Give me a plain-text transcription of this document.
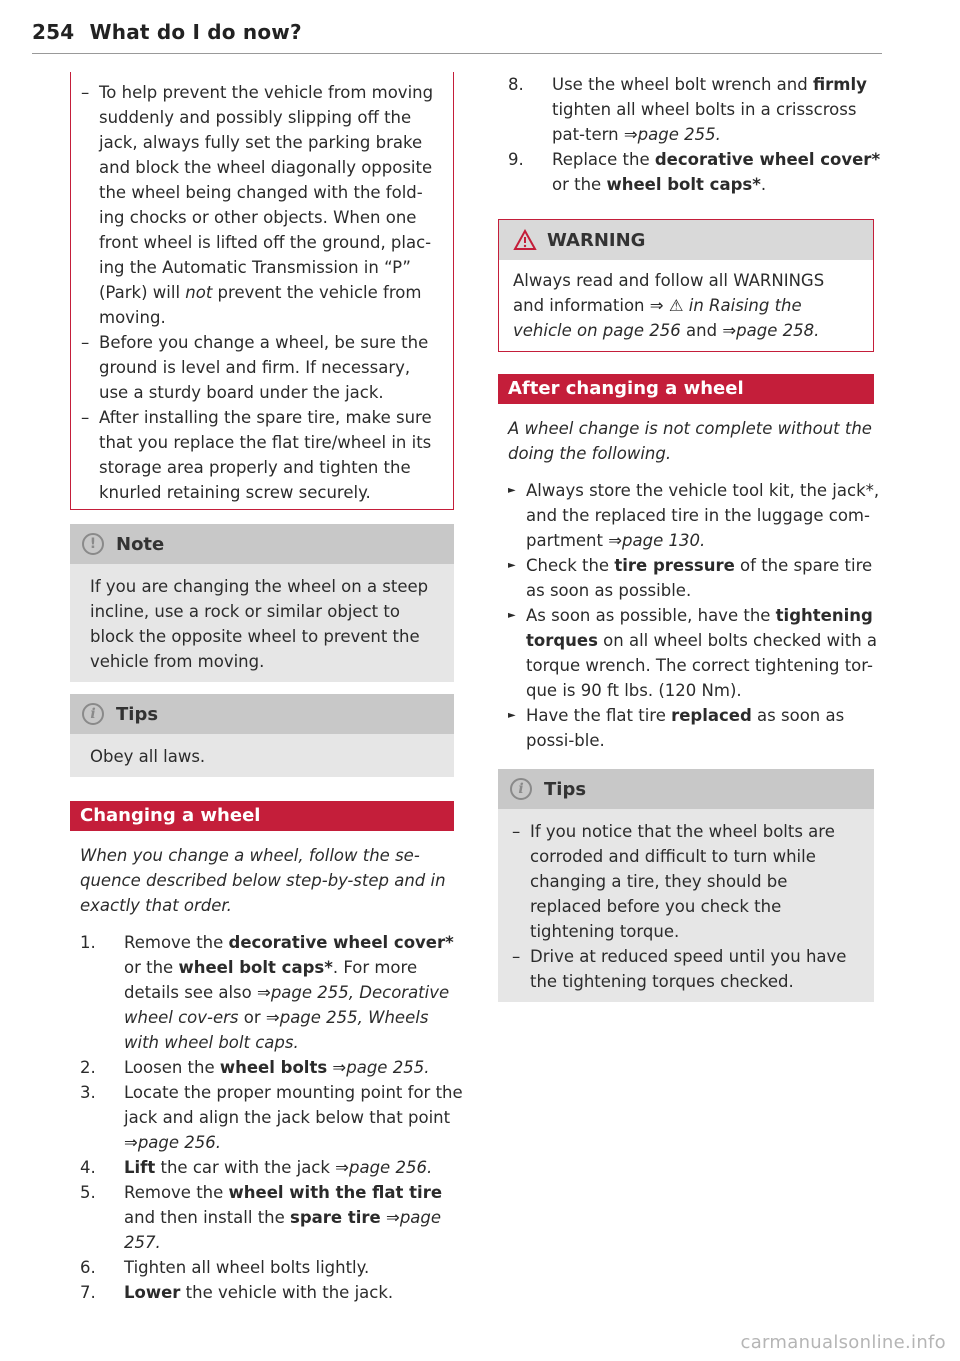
254 What do I do now?
– To help prevent the vehicle from moving suddenly and possibly slipping off the jack, always fully set the parking brake and block the wheel diagonally opposite the wheel being changed with the fold-ing chocks or other objects. When one front wheel is lifted off the ground, plac-ing the Automatic Transmission in “P” (Park) will not prevent the vehicle from moving.
– Before you change a wheel, be sure the ground is level and firm. If necessary, use a sturdy board under the jack.
– After installing the spare tire, make sure that you replace the flat tire/wheel in its storage area properly and tighten the knurled retaining screw securely.
!	Note
If you are changing the wheel on a steep incline, use a rock or similar object to block the opposite wheel to prevent the vehicle from moving.
i	Tips
Obey all laws.
Changing a wheel

When you change a wheel, follow the se-quence described below step-by-step and in exactly that order.

1. Remove the decorative wheel cover* or the wheel bolt caps*. For more details see also ⇒page 255, Decorative wheel cov-ers or ⇒page 255, Wheels with wheel bolt caps.
2. Loosen the wheel bolts ⇒page 255.
3. Locate the proper mounting point for the jack and align the jack below that point ⇒page 256.
4. Lift the car with the jack ⇒page 256.
5. Remove the wheel with the flat tire and then install the spare tire ⇒page 257.
6. Tighten all wheel bolts lightly.
7. Lower the vehicle with the jack.
8. Use the wheel bolt wrench and firmly tighten all wheel bolts in a crisscross pat-tern ⇒page 255.
9. Replace the decorative wheel cover* or the wheel bolt caps*.
WARNING
Always read and follow all WARNINGS and information ⇒ ⚠ in Raising the vehicle on page 256 and ⇒page 258.
After changing a wheel

A wheel change is not complete without the doing the following.

► Always store the vehicle tool kit, the jack*, and the replaced tire in the luggage com-partment ⇒page 130.
► Check the tire pressure of the spare tire as soon as possible.
► As soon as possible, have the tightening torques on all wheel bolts checked with a torque wrench. The correct tightening tor-que is 90 ft lbs. (120 Nm).
► Have the flat tire replaced as soon as possi-ble.
i	Tips
– If you notice that the wheel bolts are corroded and difficult to turn while changing a tire, they should be replaced before you check the tightening torque.
– Drive at reduced speed until you have the tightening torques checked.
carmanualsonline.info
